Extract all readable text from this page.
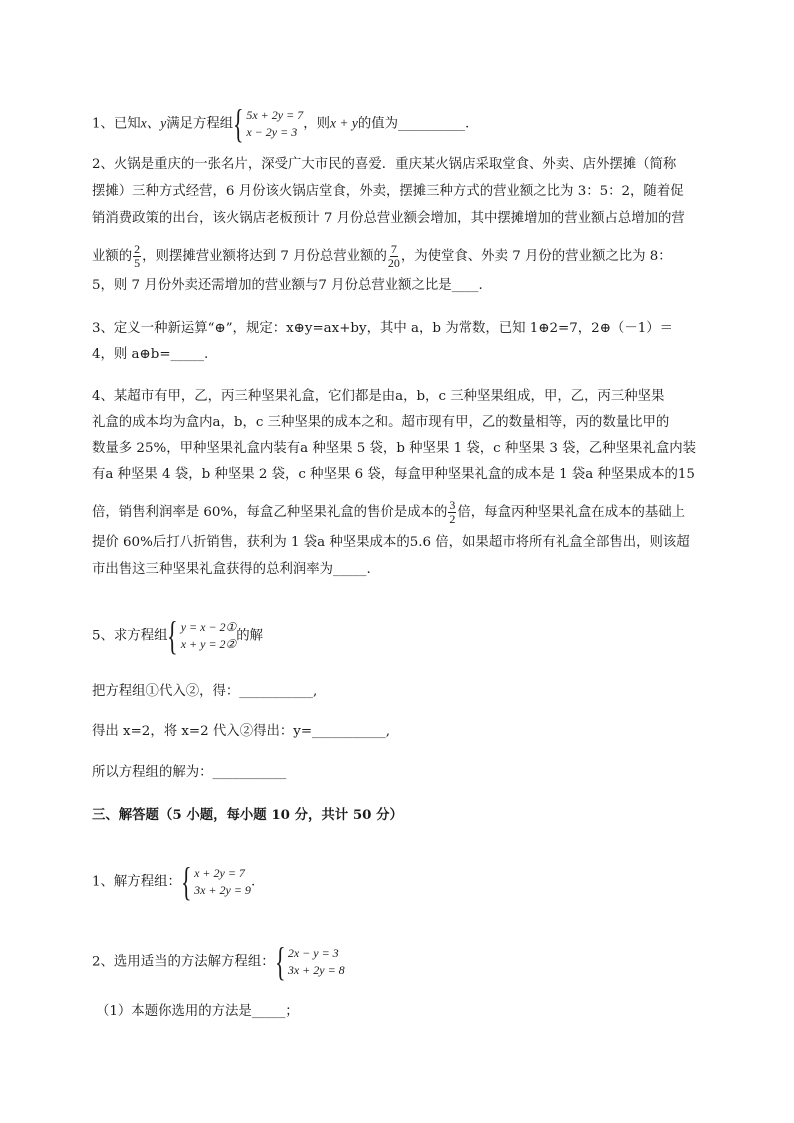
1、已知x、y满足方程组 { 5x + 2y = 7
x − 2y = 3
，则x + y的值为__________.
2、火锅是重庆的一张名片，深受广大市民的喜爱．重庆某火锅店采取堂食、外卖、店外摆摊（简称
摆摊）三种方式经营，6 月份该火锅店堂食，外卖，摆摊三种方式的营业额之比为 3：5：2，随着促
销消费政策的出台，该火锅店老板预计 7 月份总营业额会增加，其中摆摊增加的营业额占总增加的营
业额的 $\frac{2}{5}$ ，则摆摊营业额将达到 7 月份总营业额的 $\frac{7}{20}$ ，为使堂食、外卖 7 月份的营业额之比为 8：
5，则 7 月份外卖还需增加的营业额与7 月份总营业额之比是____.
3、定义一种新运算“⊕”，规定：x⊕y=ax+by，其中 a，b 为常数，已知 1⊕2=7，2⊕（－1）＝
4，则 a⊕b=_____.
4、某超市有甲，乙，丙三种坚果礼盒，它们都是由a，b，c 三种坚果组成，甲，乙，丙三种坚果
礼盒的成本均为盒内a，b，c 三种坚果的成本之和。超市现有甲，乙的数量相等，丙的数量比甲的
数量多 25%，甲种坚果礼盒内装有a 种坚果 5 袋，b 种坚果 1 袋，c 种坚果 3 袋，乙种坚果礼盒内装
有a 种坚果 4 袋，b 种坚果 2 袋，c 种坚果 6 袋，每盒甲种坚果礼盒的成本是 1 袋a 种坚果成本的15
倍，销售利润率是 60%，每盒乙种坚果礼盒的售价是成本的 $\frac{3}{2}$ 倍，每盒丙种坚果礼盒在成本的基础上
提价 60%后打八折销售，获利为 1 袋a 种坚果成本的5.6 倍，如果超市将所有礼盒全部售出，则该超
市出售这三种坚果礼盒获得的总利润率为_____.
5、求方程组 { y = x − 2①
x + y = 2②
的解
把方程组①代入②，得：___________,
得出 x=2，将 x=2 代入②得出：y=___________,
所以方程组的解为：___________
三、解答题（5 小题，每小题 10 分，共计 50 分）
1、解方程组： { x + 2y = 7
3x + 2y = 9
.
2、选用适当的方法解方程组： { 2x − y = 3
3x + 2y = 8
（1）本题你选用的方法是_____；
